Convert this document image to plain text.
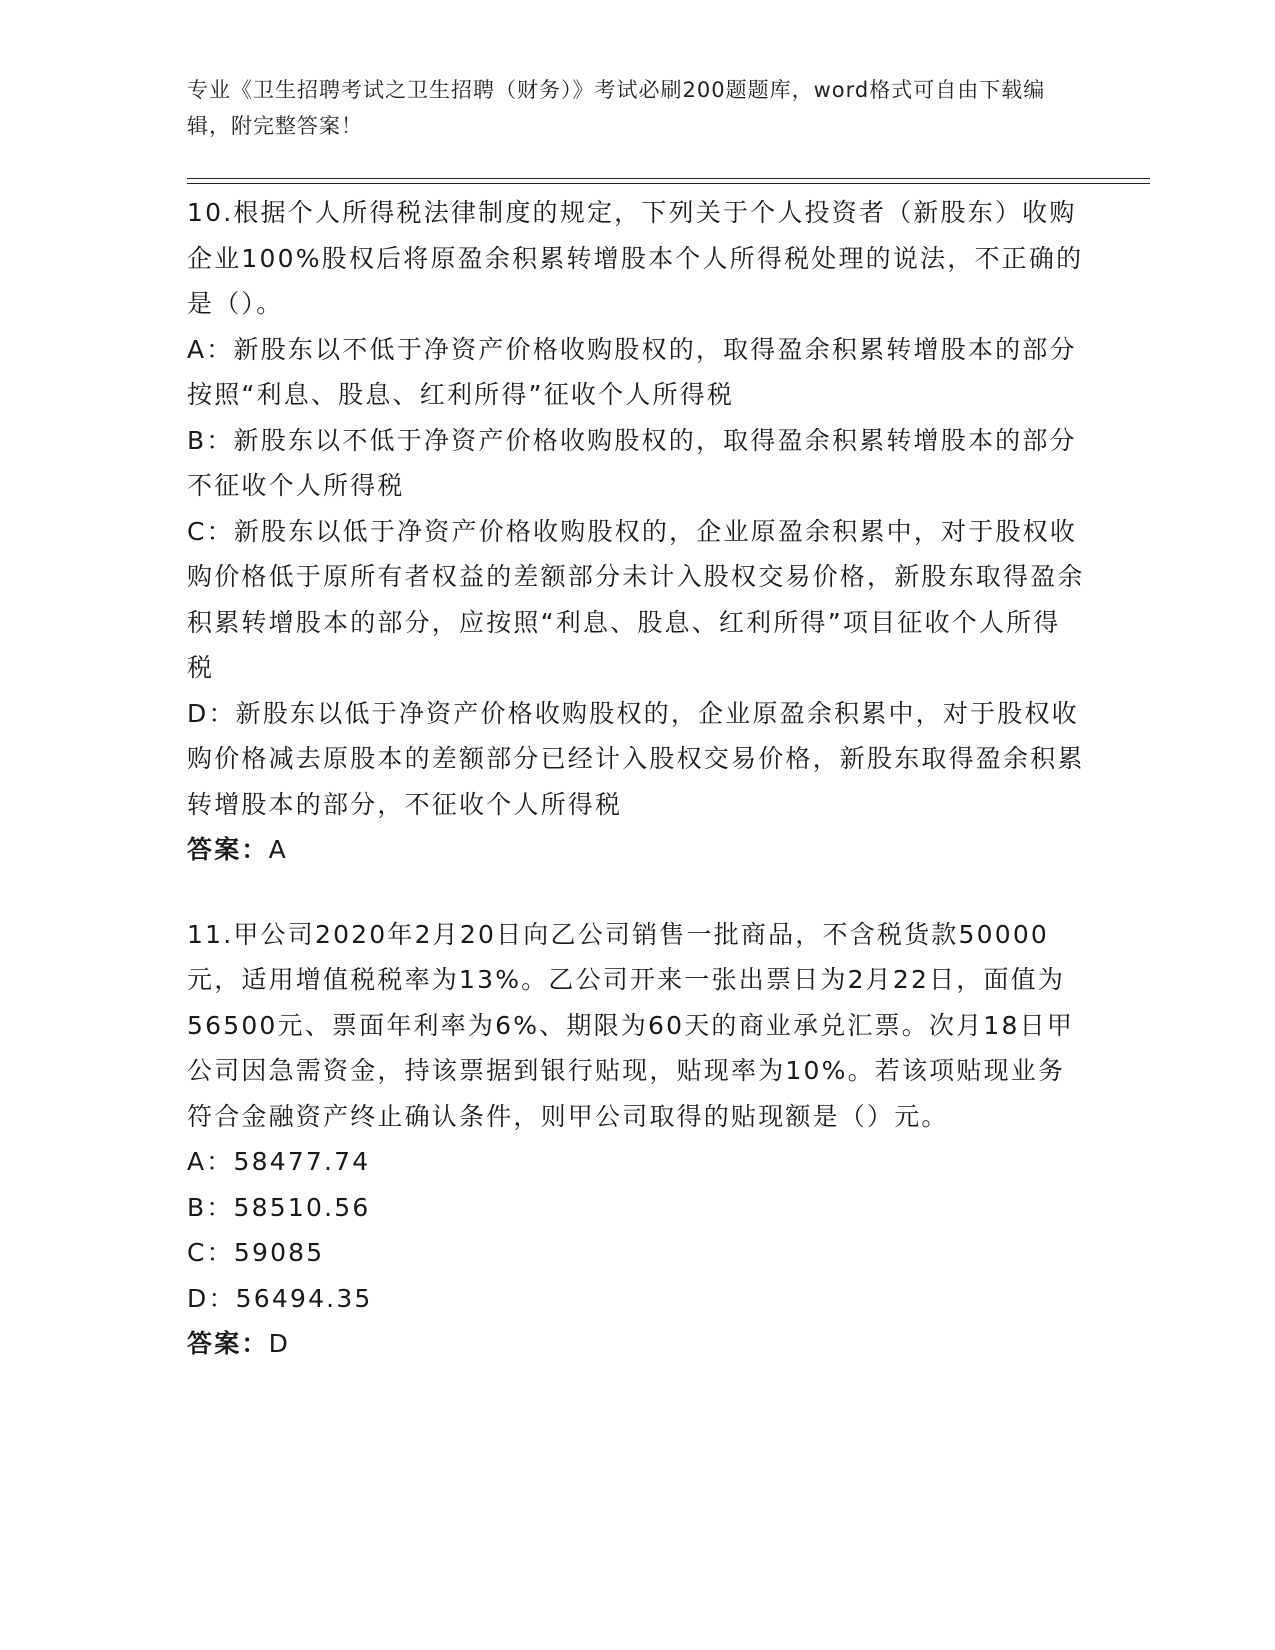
专业《卫生招聘考试之卫生招聘（财务）》考试必刷200题题库，word格式可自由下载编辑，附完整答案！

10.根据个人所得税法律制度的规定，下列关于个人投资者（新股东）收购企业100%股权后将原盈余积累转增股本个人所得税处理的说法，不正确的是（）。

A：新股东以不低于净资产价格收购股权的，取得盈余积累转增股本的部分按照“利息、股息、红利所得”征收个人所得税

B：新股东以不低于净资产价格收购股权的，取得盈余积累转增股本的部分不征收个人所得税

C：新股东以低于净资产价格收购股权的，企业原盈余积累中，对于股权收购价格低于原所有者权益的差额部分未计入股权交易价格，新股东取得盈余积累转增股本的部分，应按照“利息、股息、红利所得”项目征收个人所得税

D：新股东以低于净资产价格收购股权的，企业原盈余积累中，对于股权收购价格减去原股本的差额部分已经计入股权交易价格，新股东取得盈余积累转增股本的部分，不征收个人所得税

答案：A

11.甲公司2020年2月20日向乙公司销售一批商品，不含税货款50000元，适用增值税税率为13%。乙公司开来一张出票日为2月22日，面值为56500元、票面年利率为6%、期限为60天的商业承兑汇票。次月18日甲公司因急需资金，持该票据到银行贴现，贴现率为10%。若该项贴现业务符合金融资产终止确认条件，则甲公司取得的贴现额是（）元。

A：58477.74

B：58510.56

C：59085

D：56494.35

答案：D
